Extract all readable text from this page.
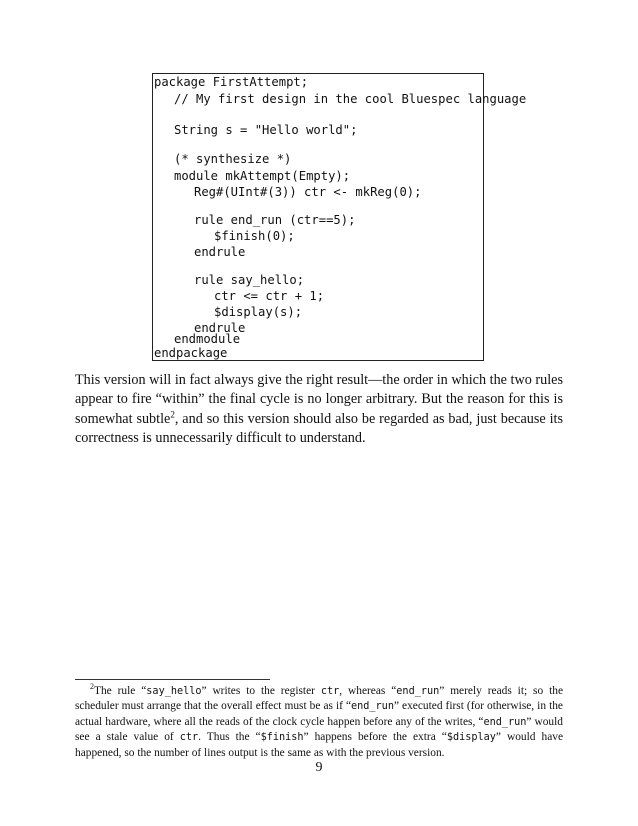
package FirstAttempt;
// My first design in the cool Bluespec language
String s = "Hello world";
(* synthesize *)
module mkAttempt(Empty);
Reg#(UInt#(3)) ctr <- mkReg(0);
rule end_run (ctr==5);
$finish(0);
endrule
rule say_hello;
ctr <= ctr + 1;
$display(s);
endrule
endmodule
endpackage
This version will in fact always give the right result—the order in which the two rules appear to fire “within” the final cycle is no longer arbitrary. But the reason for this is somewhat subtle$^2$, and so this version should also be regarded as bad, just because its correctness is unnecessarily difficult to understand.
$^2$The rule “say_hello” writes to the register ctr, whereas “end_run” merely reads it; so the scheduler must arrange that the overall effect must be as if “end_run” executed first (for otherwise, in the actual hardware, where all the reads of the clock cycle happen before any of the writes, “end_run” would see a stale value of ctr. Thus the “$finish” happens before the extra “$display” would have happened, so the number of lines output is the same as with the previous version.
9
